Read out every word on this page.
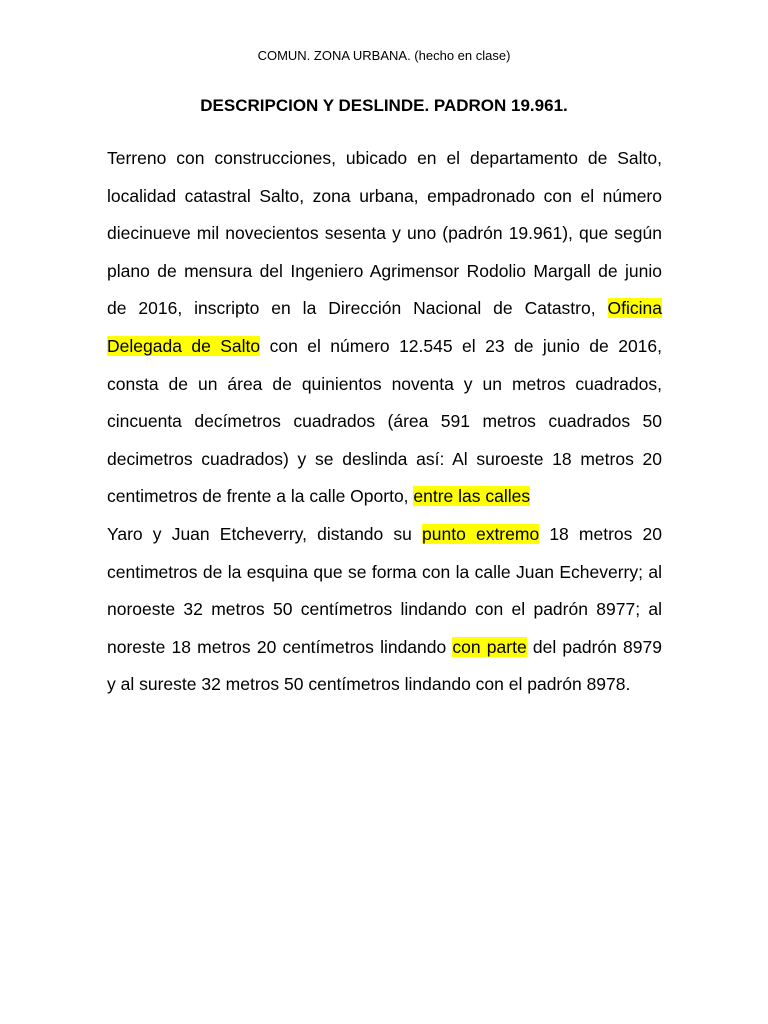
COMUN. ZONA URBANA. (hecho en clase)
DESCRIPCION Y DESLINDE. PADRON 19.961.

Terreno con construcciones, ubicado en el departamento de Salto, localidad catastral Salto, zona urbana, empadronado con el número diecinueve mil novecientos sesenta y uno (padrón 19.961), que según plano de mensura del Ingeniero Agrimensor Rodolio Margall de junio de 2016, inscripto en la Dirección Nacional de Catastro, Oficina Delegada de Salto con el número 12.545 el 23 de junio de 2016, consta de un área de quinientos noventa y un metros cuadrados, cincuenta decímetros cuadrados (área 591 metros cuadrados 50 decimetros cuadrados) y se deslinda así: Al suroeste 18 metros 20 centimetros de frente a la calle Oporto, entre las calles

Yaro y Juan Etcheverry, distando su punto extremo 18 metros 20 centimetros de la esquina que se forma con la calle Juan Echeverry; al noroeste 32 metros 50 centímetros lindando con el padrón 8977; al noreste 18 metros 20 centímetros lindando con parte del padrón 8979 y al sureste 32 metros 50 centímetros lindando con el padrón 8978.
